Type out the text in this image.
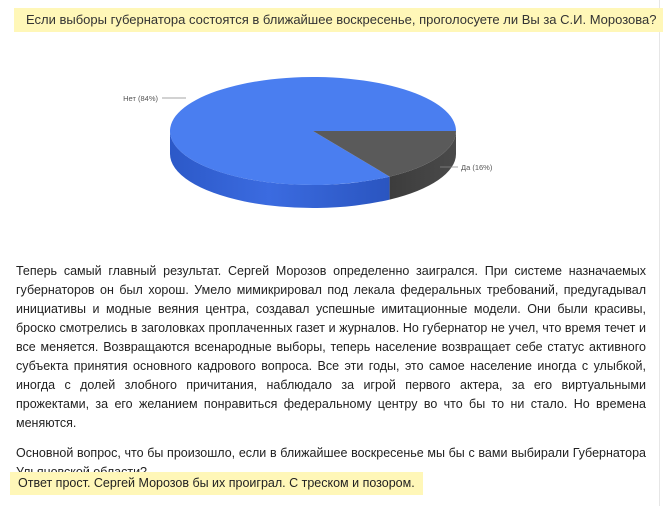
Если выборы губернатора состоятся в ближайшее воскресенье, проголосуете ли Вы за С.И. Морозова?
Нет (84%)
Да (16%)

Теперь самый главный результат. Сергей Морозов определенно заигрался. При системе назначаемых губернаторов он был хорош. Умело мимикрировал под лекала федеральных требований, предугадывал инициативы и модные веяния центра, создавал успешные имитационные модели. Они были красивы, броско смотрелись в заголовках проплаченных газет и журналов. Но губернатор не учел, что время течет и все меняется. Возвращаются всенародные выборы, теперь население возвращает себе статус активного субъекта принятия основного кадрового вопроса. Все эти годы, это самое население иногда с улыбкой, иногда с долей злобного причитания, наблюдало за игрой первого актера, за его виртуальными прожектами, за его желанием понравиться федеральному центру во что бы то ни стало. Но времена меняются.

Основной вопрос, что бы произошло, если в ближайшее воскресенье мы бы с вами выбирали Губернатора

Ответ прост. Сергей Морозов бы их проиграл. С треском и позором.
